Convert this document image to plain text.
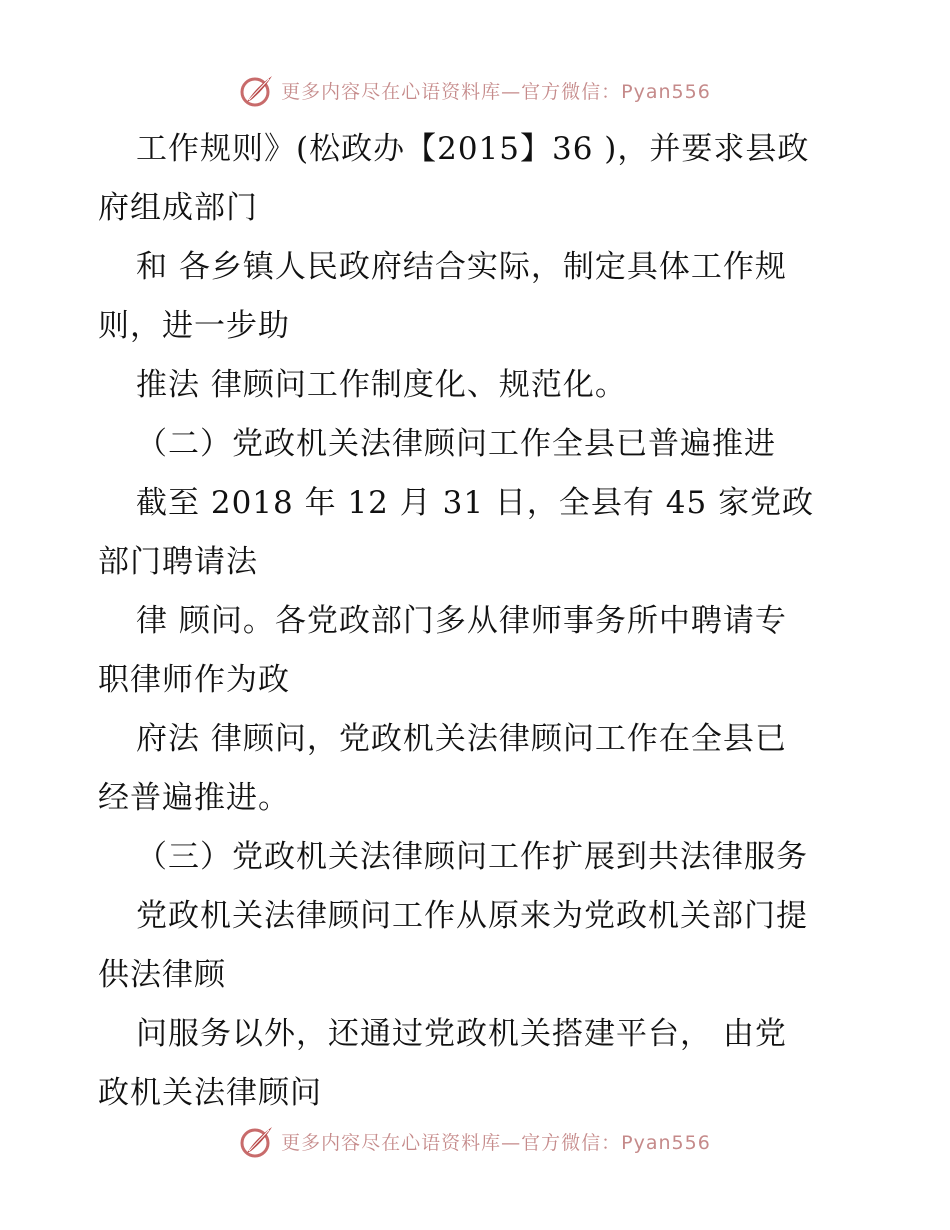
更多内容尽在心语资料库—官方微信：Pyan556
工作规则》(松政办【2015】36 )，并要求县政
府组成部门
和 各乡镇人民政府结合实际，制定具体工作规
则，进一步助
推法 律顾问工作制度化、规范化。
（二）党政机关法律顾问工作全县已普遍推进
截至 2018 年 12 月 31 日，全县有 45 家党政
部门聘请法
律 顾问。各党政部门多从律师事务所中聘请专
职律师作为政
府法 律顾问，党政机关法律顾问工作在全县已
经普遍推进。
（三）党政机关法律顾问工作扩展到共法律服务
党政机关法律顾问工作从原来为党政机关部门提
供法律顾
问服务以外，还通过党政机关搭建平台， 由党
政机关法律顾问
更多内容尽在心语资料库—官方微信：Pyan556
